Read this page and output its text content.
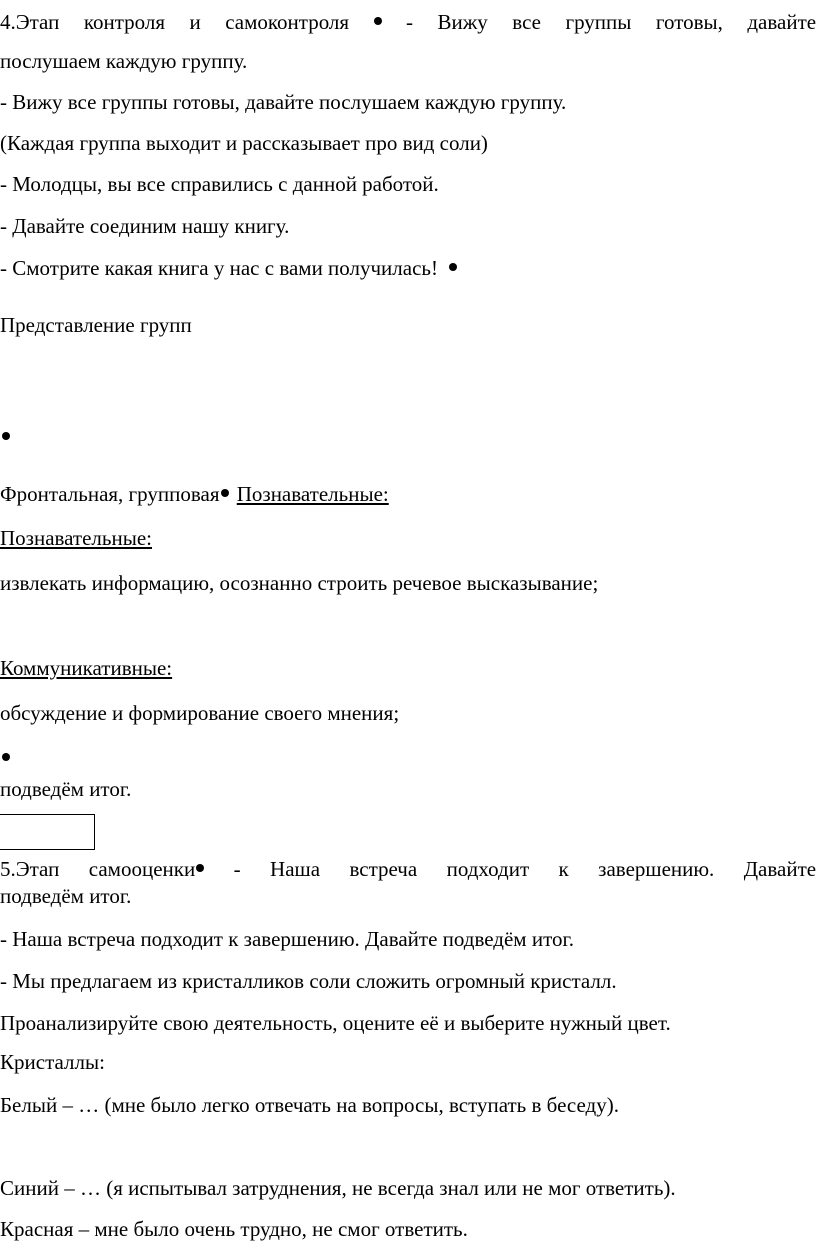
4.Этап контроля и самоконтроля	- Вижу все группы готовы, давайте

послушаем каждую группу.

- Вижу все группы готовы, давайте послушаем каждую группу.

(Каждая группа выходит и рассказывает про вид соли)

- Молодцы, вы все справились с данной работой.

- Давайте соединим нашу книгу.

- Смотрите какая книга у нас с вами получилась!

Представление групп

Фронтальная, групповая Познавательные:

Познавательные:

извлекать информацию, осознанно строить речевое высказывание;

Коммуникативные:

обсуждение и формирование своего мнения;

подведём итог.

5.Этап самооценки - Наша встреча подходит к завершению. Давайте

подведём итог.

- Наша встреча подходит к завершению. Давайте подведём итог.

- Мы предлагаем из кристалликов соли сложить огромный кристалл.

Проанализируйте свою деятельность, оцените её и выберите нужный цвет.

Кристаллы:

Белый – … (мне было легко отвечать на вопросы, вступать в беседу).

Синий – … (я испытывал затруднения, не всегда знал или не мог ответить).

Красная – мне было очень трудно, не смог ответить.
